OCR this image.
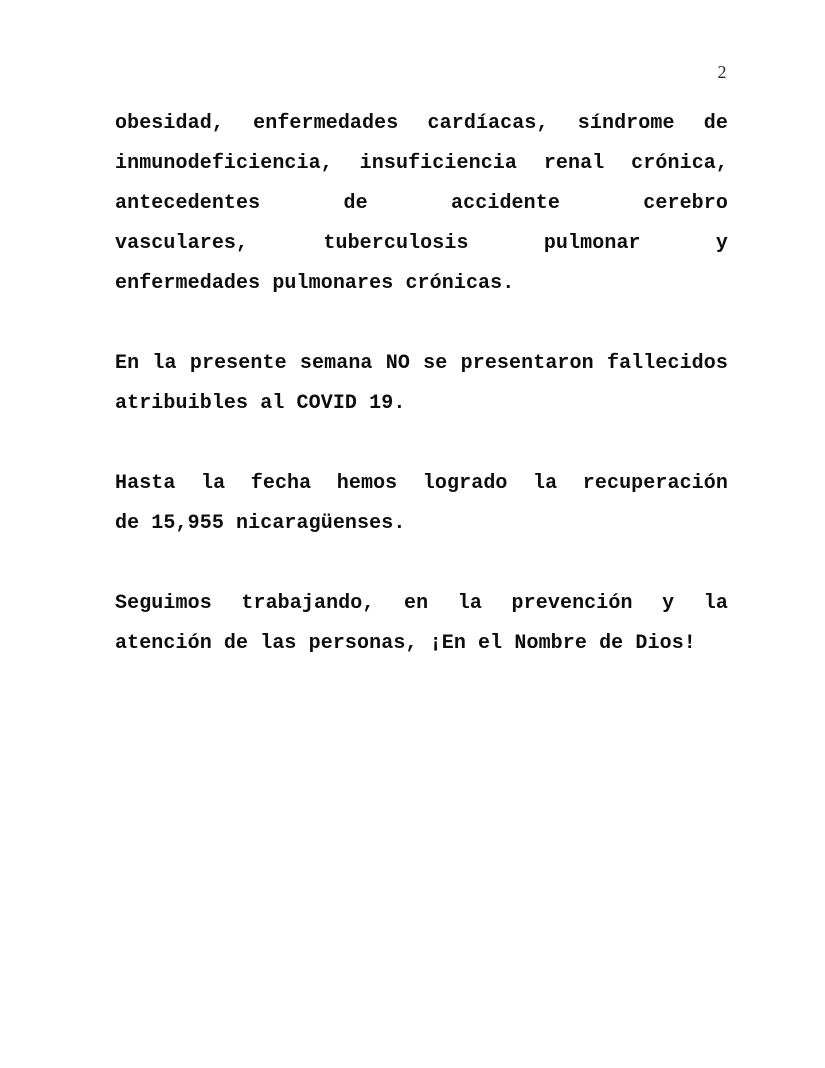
2
obesidad, enfermedades cardíacas, síndrome de
inmunodeficiencia, insuficiencia renal crónica,
antecedentes de accidente cerebro
vasculares, tuberculosis pulmonar y
enfermedades pulmonares crónicas.
En la presente semana NO se presentaron fallecidos
atribuibles al COVID 19.
Hasta la fecha hemos logrado la recuperación
de 15,955 nicaragüenses.
Seguimos trabajando, en la prevención y la
atención de las personas, ¡En el Nombre de Dios!
